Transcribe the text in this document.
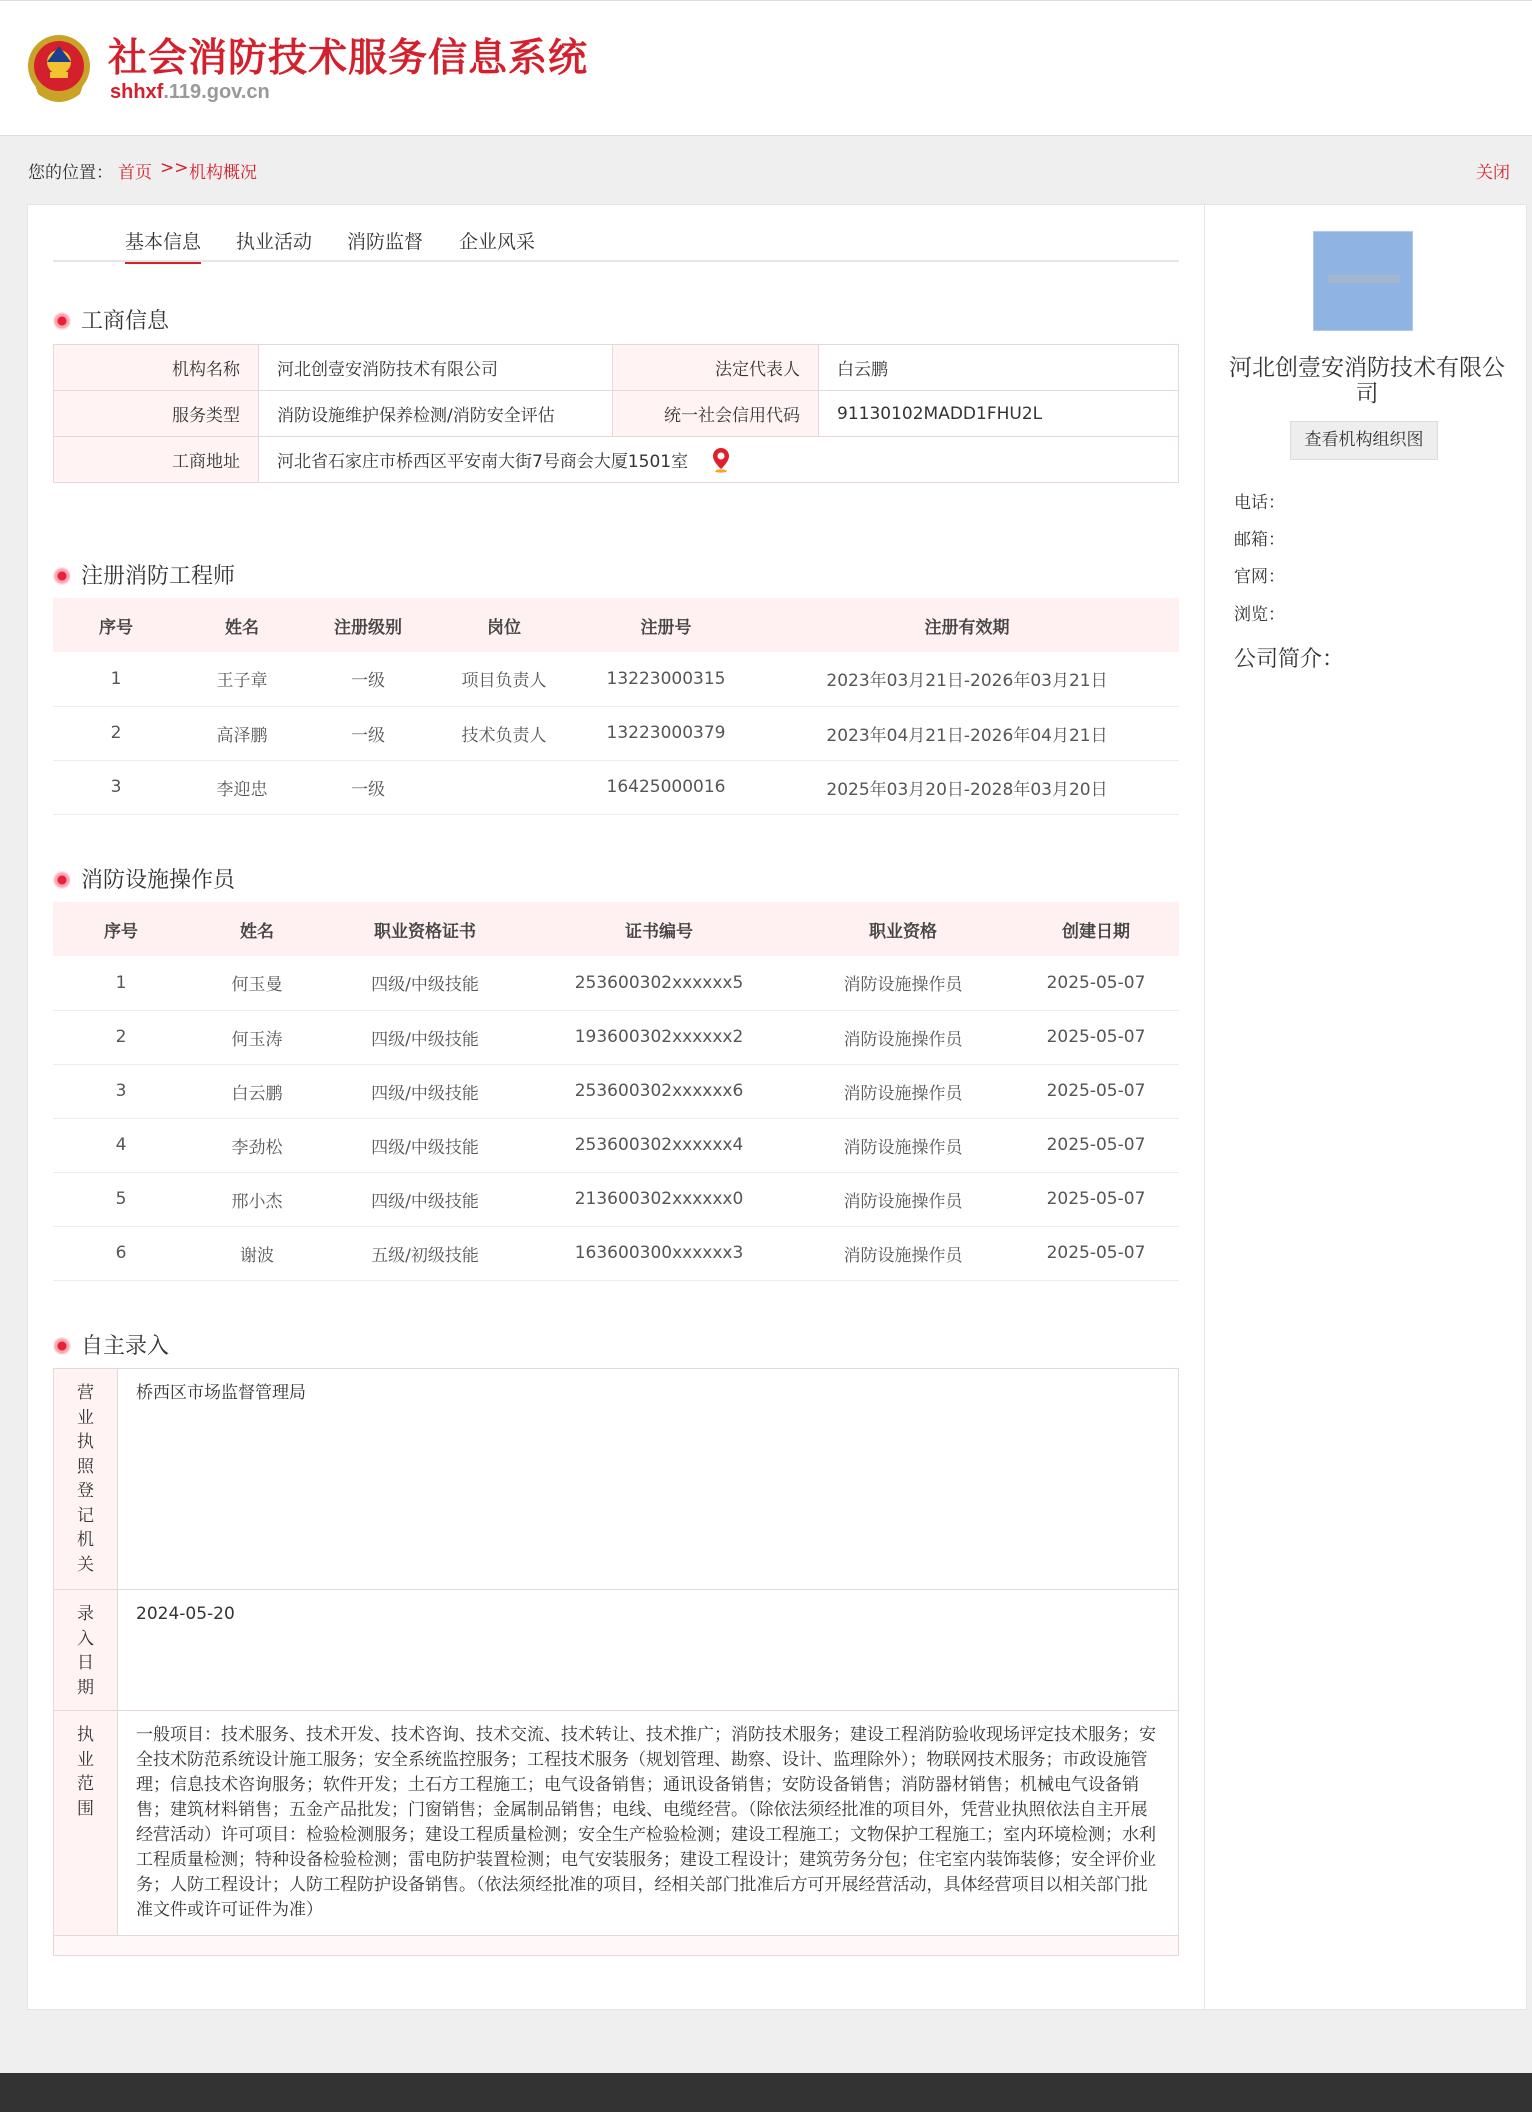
社会消防技术服务信息系统
shhxf.119.gov.cn
您的位置： 首页 >> 机构概况	关闭
基本信息 执业活动 消防监督 企业风采
工商信息
机构名称	河北创壹安消防技术有限公司	法定代表人	白云鹏
服务类型	消防设施维护保养检测/消防安全评估	统一社会信用代码	91130102MADD1FHU2L
工商地址	河北省石家庄市桥西区平安南大街7号商会大厦1501室		
注册消防工程师
序号	姓名	注册级别	岗位	注册号	注册有效期
1	王子章	一级	项目负责人	13223000315	2023年03月21日-2026年03月21日
2	高泽鹏	一级	技术负责人	13223000379	2023年04月21日-2026年04月21日
3	李迎忠	一级		16425000016	2025年03月20日-2028年03月20日
消防设施操作员
序号	姓名	职业资格证书	证书编号	职业资格	创建日期
1	何玉曼	四级/中级技能	253600302xxxxxx5	消防设施操作员	2025-05-07
2	何玉涛	四级/中级技能	193600302xxxxxx2	消防设施操作员	2025-05-07
3	白云鹏	四级/中级技能	253600302xxxxxx6	消防设施操作员	2025-05-07
4	李劲松	四级/中级技能	253600302xxxxxx4	消防设施操作员	2025-05-07
5	邢小杰	四级/中级技能	213600302xxxxxx0	消防设施操作员	2025-05-07
6	谢波	五级/初级技能	163600300xxxxxx3	消防设施操作员	2025-05-07
自主录入
营业执照登记机关	桥西区市场监督管理局

录入日期	2024-05-20

执业范围	一般项目：技术服务、技术开发、技术咨询、技术交流、技术转让、技术推广；消防技术服务；建设工程消防验收现场评定技术服务；安全技术防范系统设计施工服务；安全系统监控服务；工程技术服务（规划管理、勘察、设计、监理除外）；物联网技术服务；市政设施管理；信息技术咨询服务；软件开发；土石方工程施工；电气设备销售；通讯设备销售；安防设备销售；消防器材销售；机械电气设备销售；建筑材料销售；五金产品批发；门窗销售；金属制品销售；电线、电缆经营。（除依法须经批准的项目外，凭营业执照依法自主开展经营活动）许可项目：检验检测服务；建设工程质量检测；安全生产检验检测；建设工程施工；文物保护工程施工；室内环境检测；水利工程质量检测；特种设备检验检测；雷电防护装置检测；电气安装服务；建设工程设计；建筑劳务分包；住宅室内装饰装修；安全评价业务；人防工程设计；人防工程防护设备销售。（依法须经批准的项目，经相关部门批准后方可开展经营活动，具体经营项目以相关部门批准文件或许可证件为准）

河北创壹安消防技术有限公司
查看机构组织图
电话：
邮箱：
官网：
浏览：
公司简介：
